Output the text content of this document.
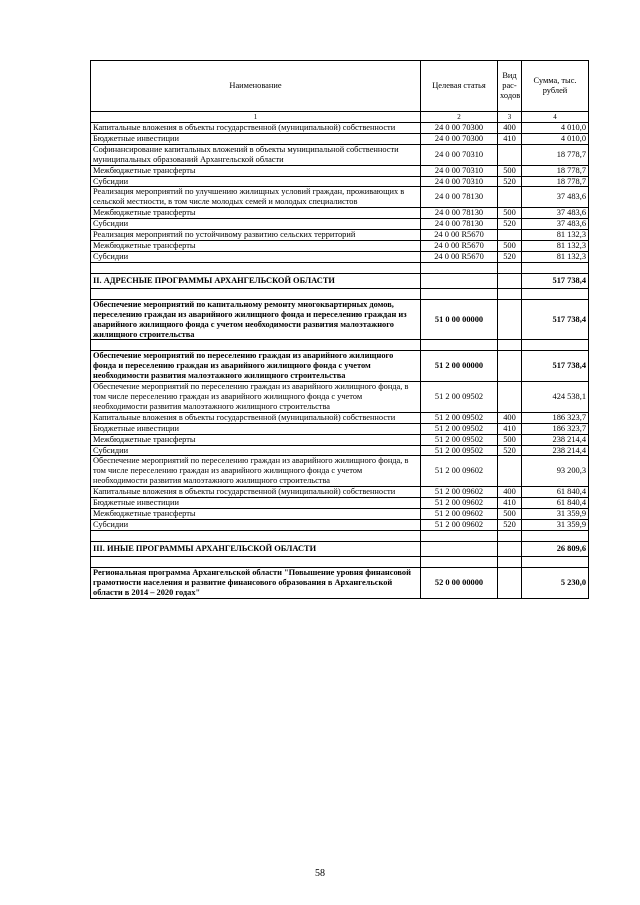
Наименование	Целевая статья	Вид рас-ходов	Сумма, тыс. рублей
1	2	3	4
Капитальные вложения в объекты государственной (муниципальной) собственности	24 0 00 70300	400	4 010,0
Бюджетные инвестиции	24 0 00 70300	410	4 010,0
Софинансирование капитальных вложений в объекты муниципальной собственности муниципальных образований Архангельской области	24 0 00 70310		18 778,7
Межбюджетные трансферты	24 0 00 70310	500	18 778,7
Субсидии	24 0 00 70310	520	18 778,7
Реализация мероприятий по улучшению жилищных условий граждан, проживающих в сельской местности, в том числе молодых семей и молодых специалистов	24 0 00 78130		37 483,6
Межбюджетные трансферты	24 0 00 78130	500	37 483,6
Субсидии	24 0 00 78130	520	37 483,6
Реализация мероприятий по устойчивому развитию сельских территорий	24 0 00 R5670		81 132,3
Межбюджетные трансферты	24 0 00 R5670	500	81 132,3
Субсидии	24 0 00 R5670	520	81 132,3

II. АДРЕСНЫЕ ПРОГРАММЫ АРХАНГЕЛЬСКОЙ ОБЛАСТИ			517 738,4

Обеспечение мероприятий по капитальному ремонту многоквартирных домов, переселению граждан из аварийного жилищного фонда и переселению граждан из аварийного жилищного фонда с учетом необходимости развития малоэтажного жилищного строительства	51 0 00 00000		517 738,4

Обеспечение мероприятий по переселению граждан из аварийного жилищного фонда и переселению граждан из аварийного жилищного фонда с учетом необходимости развития малоэтажного жилищного строительства	51 2 00 00000		517 738,4
Обеспечение мероприятий по переселению граждан из аварийного жилищного фонда, в том числе переселению граждан из аварийного жилищного фонда с учетом необходимости развития малоэтажного жилищного строительства	51 2 00 09502		424 538,1
Капитальные вложения в объекты государственной (муниципальной) собственности	51 2 00 09502	400	186 323,7
Бюджетные инвестиции	51 2 00 09502	410	186 323,7
Межбюджетные трансферты	51 2 00 09502	500	238 214,4
Субсидии	51 2 00 09502	520	238 214,4
Обеспечение мероприятий по переселению граждан из аварийного жилищного фонда, в том числе переселению граждан из аварийного жилищного фонда с учетом необходимости развития малоэтажного жилищного строительства	51 2 00 09602		93 200,3
Капитальные вложения в объекты государственной (муниципальной) собственности	51 2 00 09602	400	61 840,4
Бюджетные инвестиции	51 2 00 09602	410	61 840,4
Межбюджетные трансферты	51 2 00 09602	500	31 359,9
Субсидии	51 2 00 09602	520	31 359,9

III. ИНЫЕ ПРОГРАММЫ АРХАНГЕЛЬСКОЙ ОБЛАСТИ			26 809,6

Региональная программа Архангельской области "Повышение уровня финансовой грамотности населения и развитие финансового образования в Архангельской области в 2014 – 2020 годах"	52 0 00 00000		5 230,0
58
